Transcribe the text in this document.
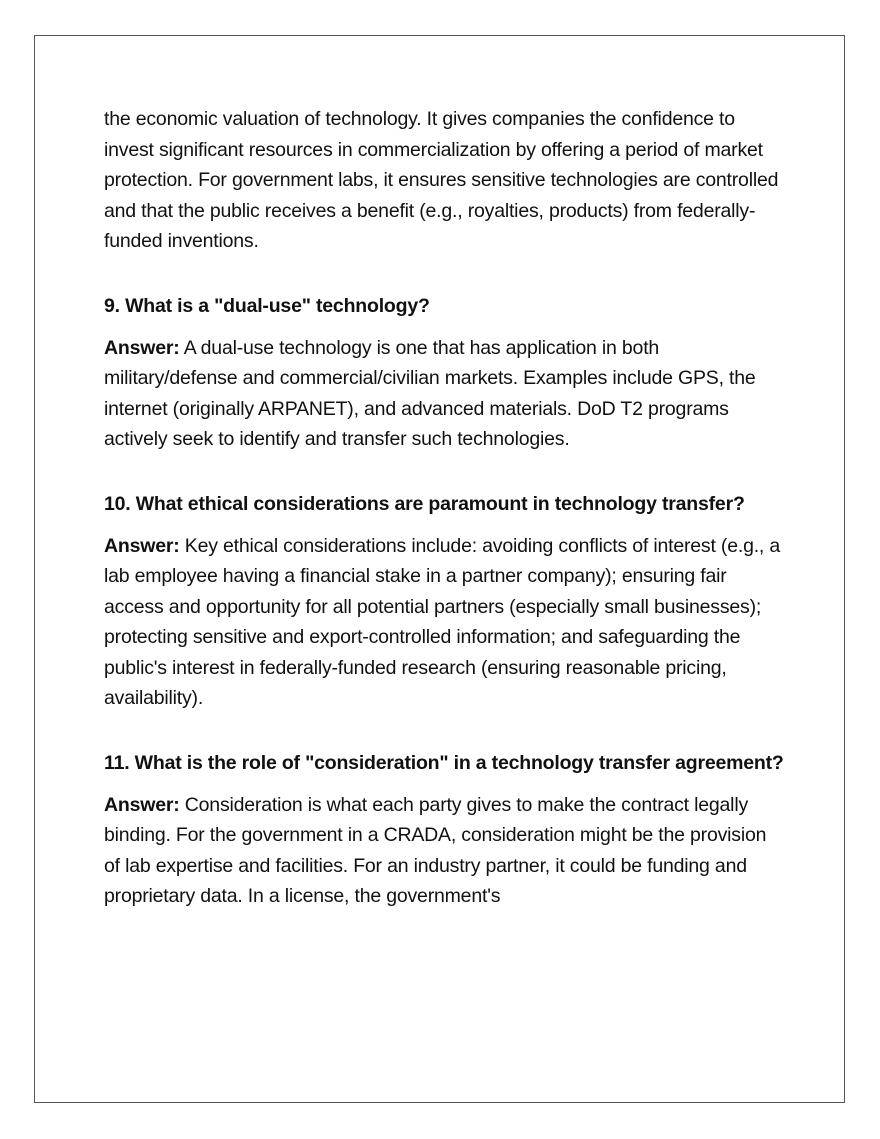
the economic valuation of technology. It gives companies the confidence to invest significant resources in commercialization by offering a period of market protection. For government labs, it ensures sensitive technologies are controlled and that the public receives a benefit (e.g., royalties, products) from federally-funded inventions.

9. What is a "dual-use" technology?

Answer: A dual-use technology is one that has application in both military/defense and commercial/civilian markets. Examples include GPS, the internet (originally ARPANET), and advanced materials. DoD T2 programs actively seek to identify and transfer such technologies.

10. What ethical considerations are paramount in technology transfer?

Answer: Key ethical considerations include: avoiding conflicts of interest (e.g., a lab employee having a financial stake in a partner company); ensuring fair access and opportunity for all potential partners (especially small businesses); protecting sensitive and export-controlled information; and safeguarding the public's interest in federally-funded research (ensuring reasonable pricing, availability).

11. What is the role of "consideration" in a technology transfer agreement?

Answer: Consideration is what each party gives to make the contract legally binding. For the government in a CRADA, consideration might be the provision of lab expertise and facilities. For an industry partner, it could be funding and proprietary data. In a license, the government's
